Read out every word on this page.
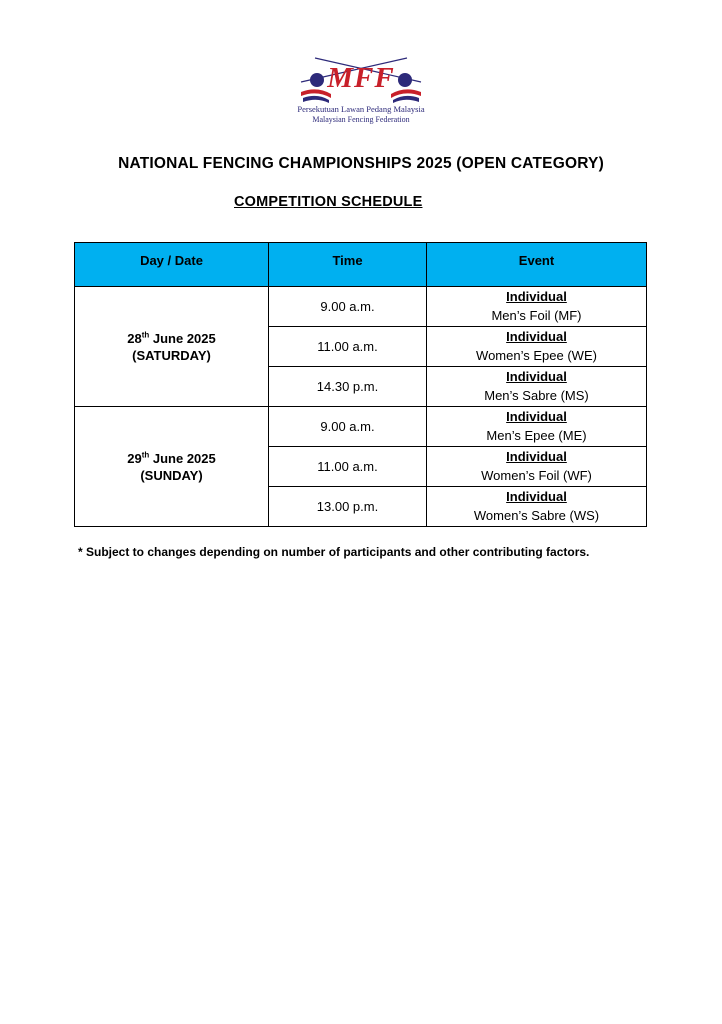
MFF
Persekutuan Lawan Pedang Malaysia
Malaysian Fencing Federation
NATIONAL FENCING CHAMPIONSHIPS 2025 (OPEN CATEGORY)
COMPETITION SCHEDULE
Day / Date	Time	Event
28th June 2025
(SATURDAY)	9.00 a.m.	Individual
Men’s Foil (MF)

	11.00 a.m.	Individual
Women’s Epee (WE)

	14.30 p.m.	Individual
Men’s Sabre (MS)

29th June 2025
(SUNDAY)	9.00 a.m.	Individual
Men’s Epee (ME)

	11.00 a.m.	Individual
Women’s Foil (WF)

	13.00 p.m.	Individual
Women’s Sabre (WS)
* Subject to changes depending on number of participants and other contributing factors.
